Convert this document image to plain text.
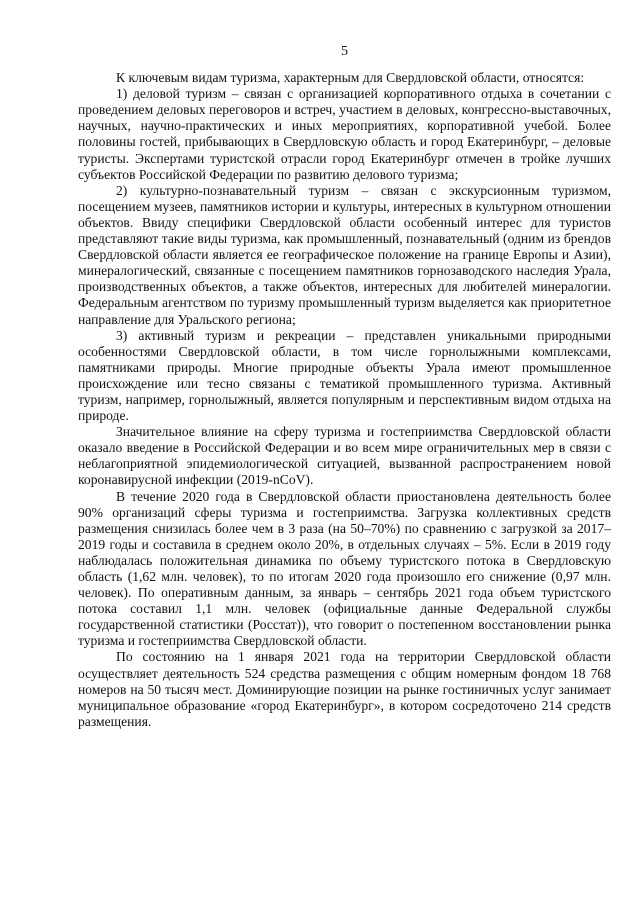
5

К ключевым видам туризма, характерным для Свердловской области, относятся:

1) деловой туризм – связан с организацией корпоративного отдыха в сочетании с проведением деловых переговоров и встреч, участием в деловых, конгрессно-выставочных, научных, научно-практических и иных мероприятиях, корпоративной учебой. Более половины гостей, прибывающих в Свердловскую область и город Екатеринбург, – деловые туристы. Экспертами туристской отрасли город Екатеринбург отмечен в тройке лучших субъектов Российской Федерации по развитию делового туризма;

2) культурно-познавательный туризм – связан с экскурсионным туризмом, посещением музеев, памятников истории и культуры, интересных в культурном отношении объектов. Ввиду специфики Свердловской области особенный интерес для туристов представляют такие виды туризма, как промышленный, познавательный (одним из брендов Свердловской области является ее географическое положение на границе Европы и Азии), минералогический, связанные с посещением памятников горнозаводского наследия Урала, производственных объектов, а также объектов, интересных для любителей минералогии. Федеральным агентством по туризму промышленный туризм выделяется как приоритетное направление для Уральского региона;

3) активный туризм и рекреации – представлен уникальными природными особенностями Свердловской области, в том числе горнолыжными комплексами, памятниками природы. Многие природные объекты Урала имеют промышленное происхождение или тесно связаны с тематикой промышленного туризма. Активный туризм, например, горнолыжный, является популярным и перспективным видом отдыха на природе.

Значительное влияние на сферу туризма и гостеприимства Свердловской области оказало введение в Российской Федерации и во всем мире ограничительных мер в связи с неблагоприятной эпидемиологической ситуацией, вызванной распространением новой коронавирусной инфекции (2019-nCoV).

В течение 2020 года в Свердловской области приостановлена деятельность более 90% организаций сферы туризма и гостеприимства. Загрузка коллективных средств размещения снизилась более чем в 3 раза (на 50–70%) по сравнению с загрузкой за 2017–2019 годы и составила в среднем около 20%, в отдельных случаях – 5%. Если в 2019 году наблюдалась положительная динамика по объему туристского потока в Свердловскую область (1,62 млн. человек), то по итогам 2020 года произошло его снижение (0,97 млн. человек). По оперативным данным, за январь – сентябрь 2021 года объем туристского потока составил 1,1 млн. человек (официальные данные Федеральной службы государственной статистики (Росстат)), что говорит о постепенном восстановлении рынка туризма и гостеприимства Свердловской области.

По состоянию на 1 января 2021 года на территории Свердловской области осуществляет деятельность 524 средства размещения с общим номерным фондом 18 768 номеров на 50 тысяч мест. Доминирующие позиции на рынке гостиничных услуг занимает муниципальное образование «город Екатеринбург», в котором сосредоточено 214 средств размещения.
